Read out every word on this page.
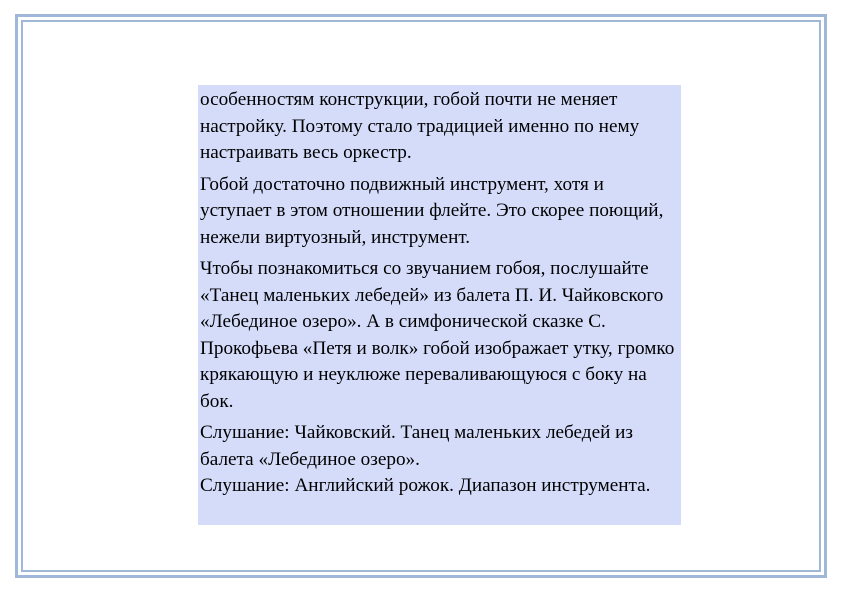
особенностям конструкции, гобой почти не меняет настройку. Поэтому стало традицией именно по нему настраивать весь оркестр.

Гобой достаточно подвижный инструмент, хотя и уступает в этом отношении флейте. Это скорее поющий, нежели виртуозный, инструмент.

Чтобы познакомиться со звучанием гобоя, послушайте «Танец маленьких лебедей» из балета П. И. Чайковского «Лебединое озеро». А в симфонической сказке С. Прокофьева «Петя и волк» гобой изображает утку, громко крякающую и неуклюже переваливающуюся с боку на бок.

Слушание: Чайковский. Танец маленьких лебедей из балета «Лебединое озеро».

Слушание: Английский рожок. Диапазон инструмента.
